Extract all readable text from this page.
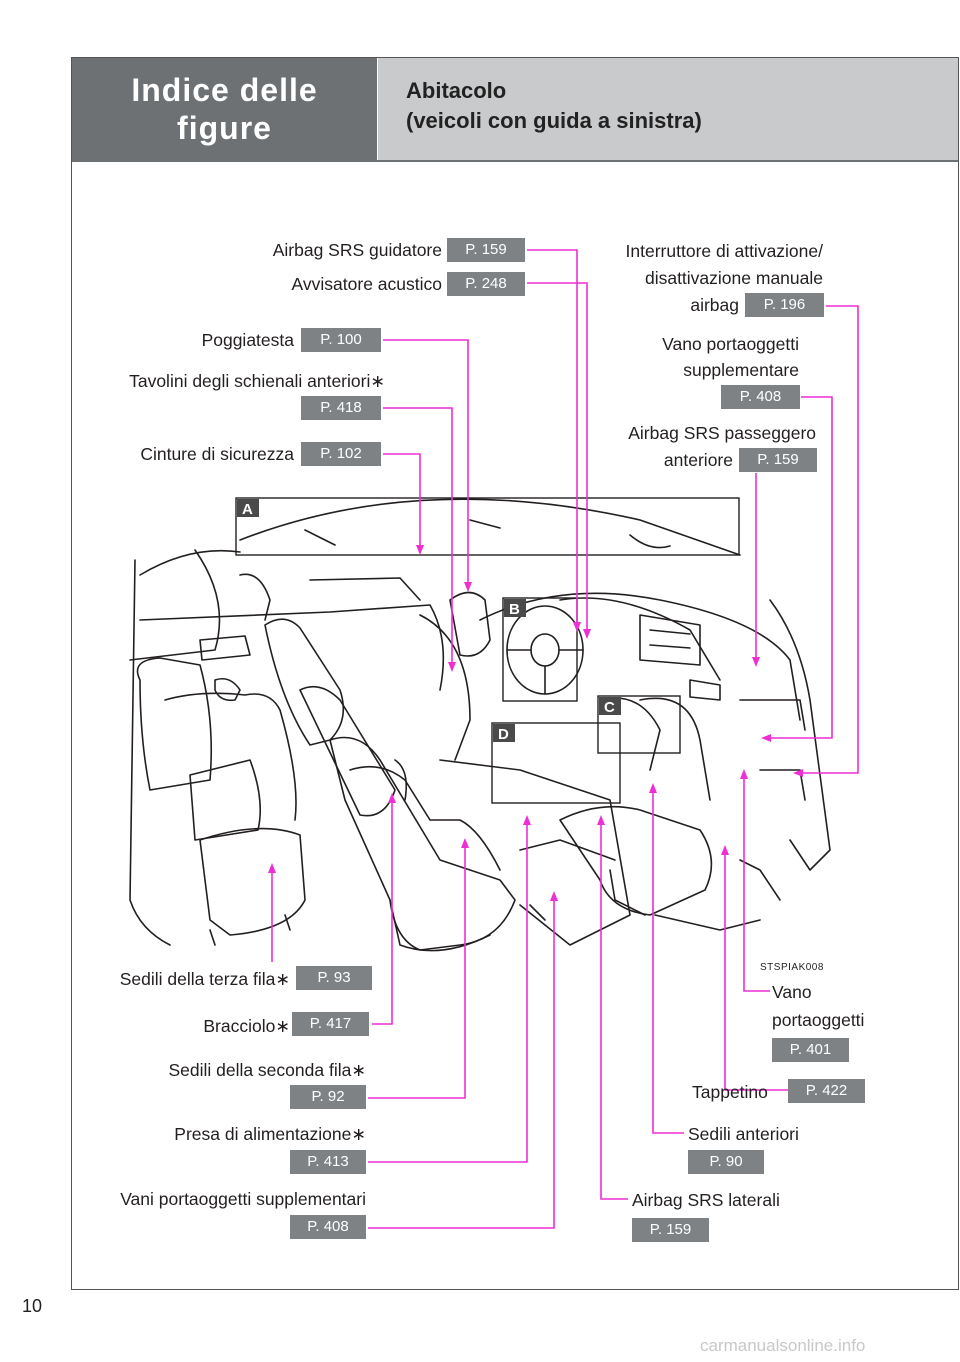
Indice delle figure
Abitacolo
(veicoli con guida a sinistra)
A
B
C
D
Airbag SRS guidatore	P. 159
Avvisatore acustico	P. 248
Poggiatesta	P. 100
Tavolini degli schienali anteriori∗
P. 418
Cinture di sicurezza	P. 102
Interruttore di attivazione/
disattivazione manuale
airbag	P. 196
Vano portaoggetti
supplementare
P. 408
Airbag SRS passeggero
anteriore	P. 159
STSPIAK008
Sedili della terza fila∗	P. 93
Bracciolo∗	P. 417
Sedili della seconda fila∗
P. 92
Presa di alimentazione∗
P. 413
Vani portaoggetti supplementari
P. 408
Vano
portaoggetti
P. 401
Tappetino	P. 422
Sedili anteriori
P. 90
Airbag SRS laterali
P. 159
10
carmanualsonline.info
